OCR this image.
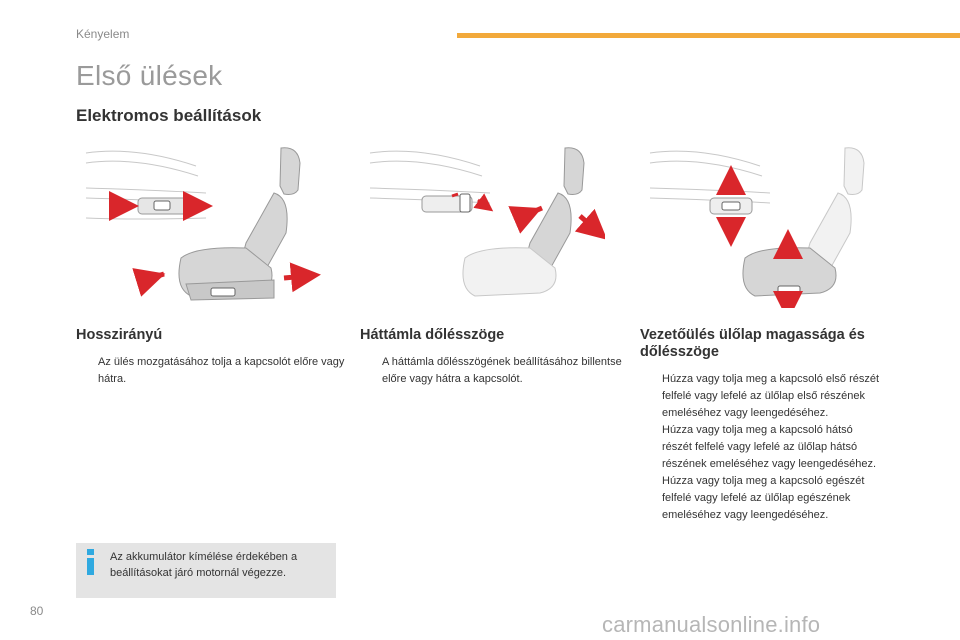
Kényelem
Első ülések
Elektromos beállítások
Hosszirányú
Az ülés mozgatásához tolja a kapcsolót előre vagy hátra.
Háttámla dőlésszöge
A háttámla dőlésszögének beállításához billentse előre vagy hátra a kapcsolót.
Vezetőülés ülőlap magassága és dőlésszöge
Húzza vagy tolja meg a kapcsoló első részét felfelé vagy lefelé az ülőlap első részének emeléséhez vagy leengedéséhez.
Húzza vagy tolja meg a kapcsoló hátsó részét felfelé vagy lefelé az ülőlap hátsó részének emeléséhez vagy leengedéséhez.
Húzza vagy tolja meg a kapcsoló egészét felfelé vagy lefelé az ülőlap egészének emeléséhez vagy leengedéséhez.
Az akkumulátor kímélése érdekében a beállításokat járó motornál végezze.
80
carmanualsonline.info
